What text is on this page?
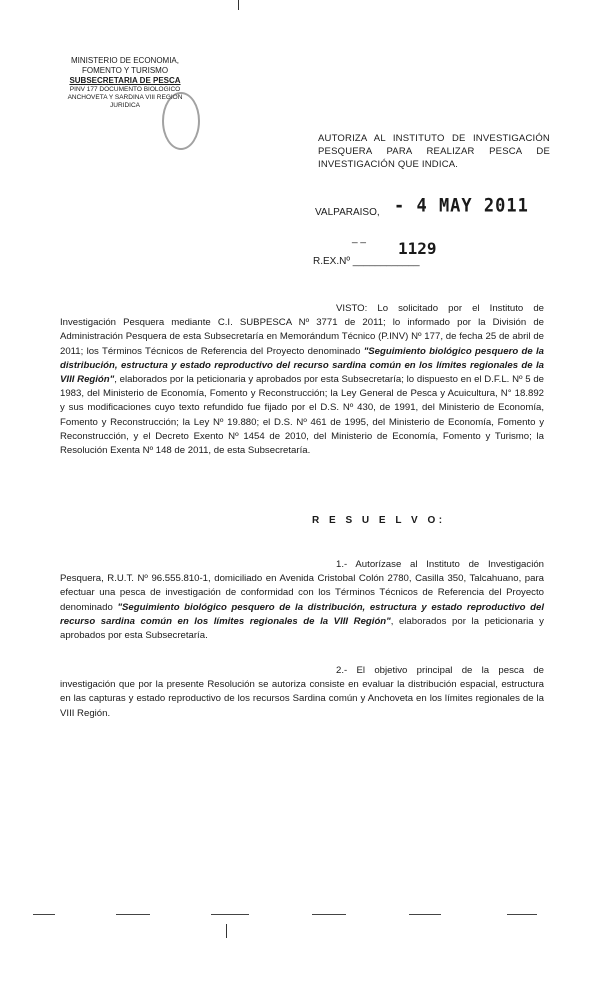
MINISTERIO DE ECONOMIA,
FOMENTO Y TURISMO
SUBSECRETARIA DE PESCA
PINV 177 DOCUMENTO BIOLOGICO
ANCHOVETA Y SARDINA VIII REGION
JURIDICA
AUTORIZA AL INSTITUTO DE INVESTIGACIÓN PESQUERA PARA REALIZAR PESCA DE INVESTIGACIÓN QUE INDICA.
VALPARAISO, - 4 MAY 2011
_ _
1129
R.EX.Nº ____________
VISTO: Lo solicitado por el Instituto de Investigación Pesquera mediante C.I. SUBPESCA Nº 3771 de 2011; lo informado por la División de Administración Pesquera de esta Subsecretaría en Memorándum Técnico (P.INV) Nº 177, de fecha 25 de abril de 2011; los Términos Técnicos de Referencia del Proyecto denominado "Seguimiento biológico pesquero de la distribución, estructura y estado reproductivo del recurso sardina común en los límites regionales de la VIII Región", elaborados por la peticionaria y aprobados por esta Subsecretaría; lo dispuesto en el D.F.L. Nº 5 de 1983, del Ministerio de Economía, Fomento y Reconstrucción; la Ley General de Pesca y Acuicultura, N° 18.892 y sus modificaciones cuyo texto refundido fue fijado por el D.S. Nº 430, de 1991, del Ministerio de Economía, Fomento y Reconstrucción; la Ley Nº 19.880; el D.S. Nº 461 de 1995, del Ministerio de Economía, Fomento y Reconstrucción, y el Decreto Exento Nº 1454 de 2010, del Ministerio de Economía, Fomento y Turismo; la Resolución Exenta Nº 148 de 2011, de esta Subsecretaría.
R E S U E L V O:
1.- Autorízase al Instituto de Investigación Pesquera, R.U.T. Nº 96.555.810-1, domiciliado en Avenida Cristobal Colón 2780, Casilla 350, Talcahuano, para efectuar una pesca de investigación de conformidad con los Términos Técnicos de Referencia del Proyecto denominado "Seguimiento biológico pesquero de la distribución, estructura y estado reproductivo del recurso sardina común en los límites regionales de la VIII Región", elaborados por la peticionaria y aprobados por esta Subsecretaría.
2.- El objetivo principal de la pesca de investigación que por la presente Resolución se autoriza consiste en evaluar la distribución espacial, estructura en las capturas y estado reproductivo de los recursos Sardina común y Anchoveta en los límites regionales de la VIII Región.
